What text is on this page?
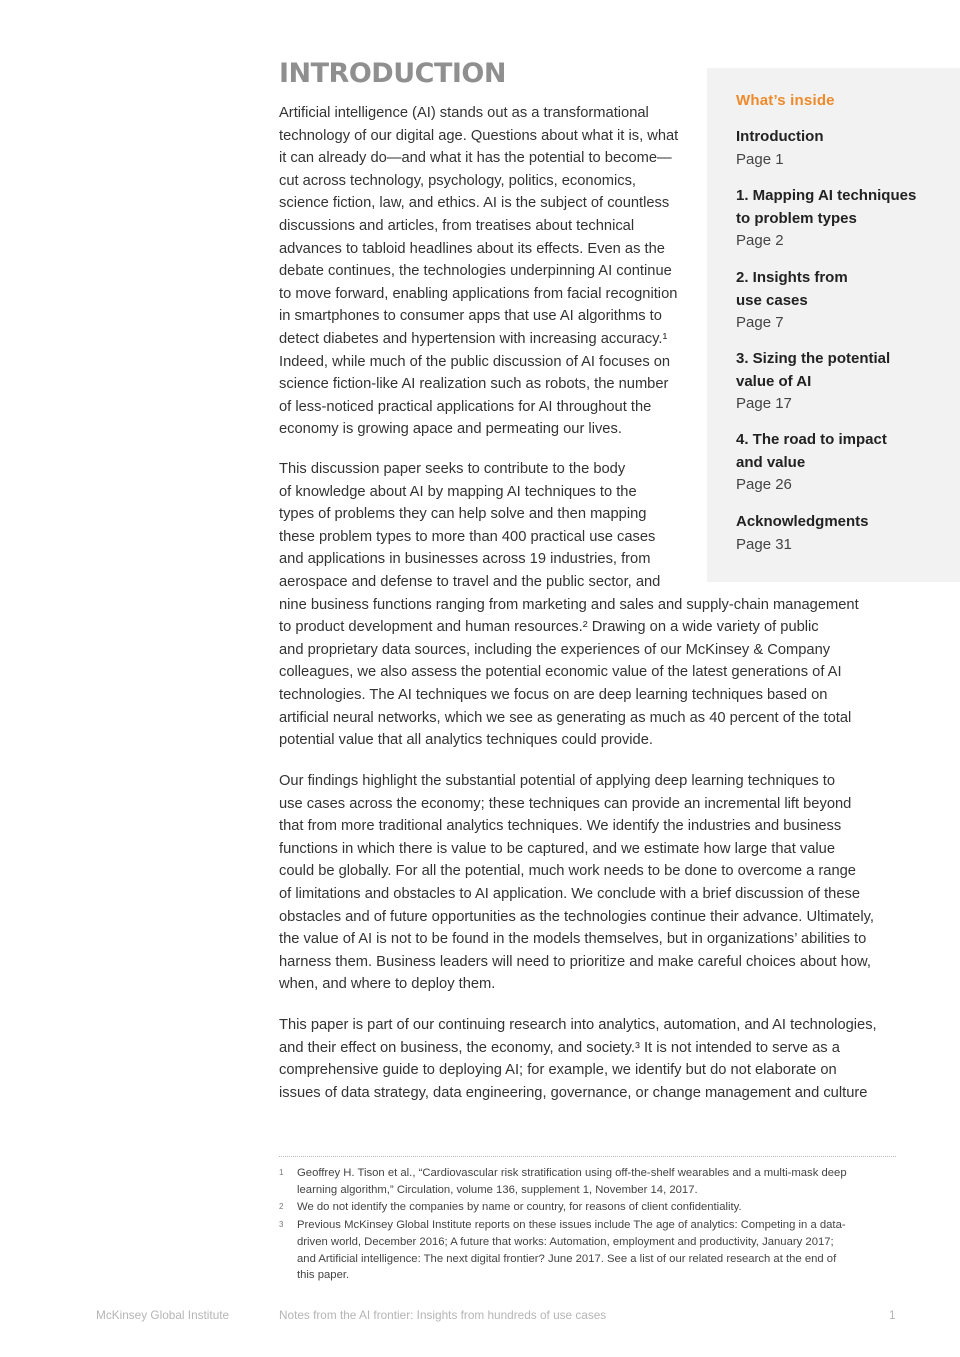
What’s inside
Introduction
Page 1
1. Mapping AI techniques
to problem types
Page 2
2. Insights from
use cases
Page 7
3. Sizing the potential
value of AI
Page 17
4. The road to impact
and value
Page 26
Acknowledgments
Page 31
INTRODUCTION
Artificial intelligence (AI) stands out as a transformational
technology of our digital age. Questions about what it is, what
it can already do—and what it has the potential to become—
cut across technology, psychology, politics, economics,
science fiction, law, and ethics. AI is the subject of countless
discussions and articles, from treatises about technical
advances to tabloid headlines about its effects. Even as the
debate continues, the technologies underpinning AI continue
to move forward, enabling applications from facial recognition
in smartphones to consumer apps that use AI algorithms to
detect diabetes and hypertension with increasing accuracy.¹
Indeed, while much of the public discussion of AI focuses on
science fiction-like AI realization such as robots, the number
of less-noticed practical applications for AI throughout the
economy is growing apace and permeating our lives.
This discussion paper seeks to contribute to the body
of knowledge about AI by mapping AI techniques to the
types of problems they can help solve and then mapping
these problem types to more than 400 practical use cases
and applications in businesses across 19 industries, from
aerospace and defense to travel and the public sector, and
nine business functions ranging from marketing and sales and supply-chain management
to product development and human resources.² Drawing on a wide variety of public
and proprietary data sources, including the experiences of our McKinsey & Company
colleagues, we also assess the potential economic value of the latest generations of AI
technologies. The AI techniques we focus on are deep learning techniques based on
artificial neural networks, which we see as generating as much as 40 percent of the total
potential value that all analytics techniques could provide.
Our findings highlight the substantial potential of applying deep learning techniques to
use cases across the economy; these techniques can provide an incremental lift beyond
that from more traditional analytics techniques. We identify the industries and business
functions in which there is value to be captured, and we estimate how large that value
could be globally. For all the potential, much work needs to be done to overcome a range
of limitations and obstacles to AI application. We conclude with a brief discussion of these
obstacles and of future opportunities as the technologies continue their advance. Ultimately,
the value of AI is not to be found in the models themselves, but in organizations’ abilities to
harness them. Business leaders will need to prioritize and make careful choices about how,
when, and where to deploy them.
This paper is part of our continuing research into analytics, automation, and AI technologies,
and their effect on business, the economy, and society.³ It is not intended to serve as a
comprehensive guide to deploying AI; for example, we identify but do not elaborate on
issues of data strategy, data engineering, governance, or change management and culture
1 Geoffrey H. Tison et al., “Cardiovascular risk stratification using off-the-shelf wearables and a multi-mask deep
learning algorithm,” Circulation, volume 136, supplement 1, November 14, 2017.
2 We do not identify the companies by name or country, for reasons of client confidentiality.
3 Previous McKinsey Global Institute reports on these issues include The age of analytics: Competing in a data-
driven world, December 2016; A future that works: Automation, employment and productivity, January 2017;
and Artificial intelligence: The next digital frontier? June 2017. See a list of our related research at the end of
this paper.
McKinsey Global Institute	Notes from the AI frontier: Insights from hundreds of use cases	1
